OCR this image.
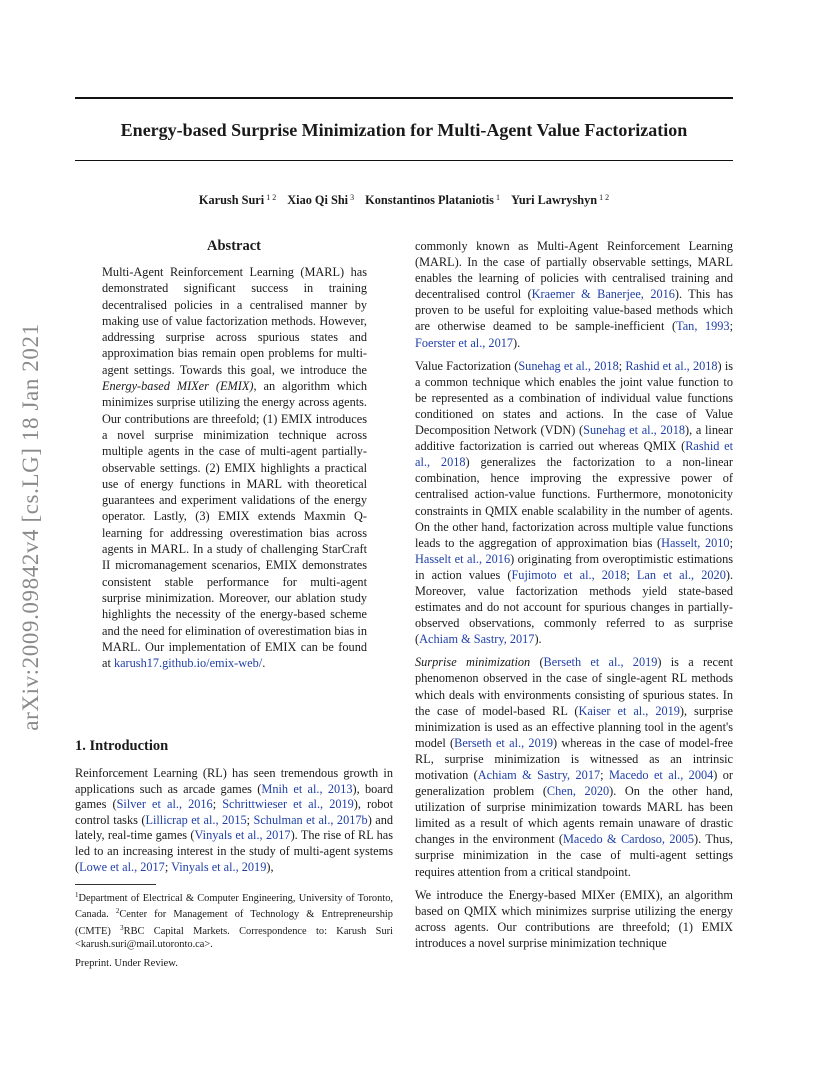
Energy-based Surprise Minimization for Multi-Agent Value Factorization
Karush Suri $^{1 2}$ Xiao Qi Shi $^3$ Konstantinos Plataniotis $^1$ Yuri Lawryshyn $^{1 2}$
arXiv:2009.09842v4 [cs.LG] 18 Jan 2021
Abstract
Multi-Agent Reinforcement Learning (MARL) has demonstrated significant success in training decentralised policies in a centralised manner by making use of value factorization methods. However, addressing surprise across spurious states and approximation bias remain open problems for multi-agent settings. Towards this goal, we introduce the Energy-based MIXer (EMIX), an algorithm which minimizes surprise utilizing the energy across agents. Our contributions are threefold; (1) EMIX introduces a novel surprise minimization technique across multiple agents in the case of multi-agent partially-observable settings. (2) EMIX highlights a practical use of energy functions in MARL with theoretical guarantees and experiment validations of the energy operator. Lastly, (3) EMIX extends Maxmin Q-learning for addressing overestimation bias across agents in MARL. In a study of challenging StarCraft II micromanagement scenarios, EMIX demonstrates consistent stable performance for multi-agent surprise minimization. Moreover, our ablation study highlights the necessity of the energy-based scheme and the need for elimination of overestimation bias in MARL. Our implementation of EMIX can be found at karush17.github.io/emix-web/.
1. Introduction
Reinforcement Learning (RL) has seen tremendous growth in applications such as arcade games (Mnih et al., 2013), board games (Silver et al., 2016; Schrittwieser et al., 2019), robot control tasks (Lillicrap et al., 2015; Schulman et al., 2017b) and lately, real-time games (Vinyals et al., 2017). The rise of RL has led to an increasing interest in the study of multi-agent systems (Lowe et al., 2017; Vinyals et al., 2019),
$^1$Department of Electrical & Computer Engineering, University of Toronto, Canada. $^2$Center for Management of Technology & Entrepreneurship (CMTE) $^3$RBC Capital Markets. Correspondence to: Karush Suri <karush.suri@mail.utoronto.ca>.
Preprint. Under Review.

commonly known as Multi-Agent Reinforcement Learning (MARL). In the case of partially observable settings, MARL enables the learning of policies with centralised training and decentralised control (Kraemer & Banerjee, 2016). This has proven to be useful for exploiting value-based methods which are otherwise deamed to be sample-inefficient (Tan, 1993; Foerster et al., 2017).

Value Factorization (Sunehag et al., 2018; Rashid et al., 2018) is a common technique which enables the joint value function to be represented as a combination of individual value functions conditioned on states and actions. In the case of Value Decomposition Network (VDN) (Sunehag et al., 2018), a linear additive factorization is carried out whereas QMIX (Rashid et al., 2018) generalizes the factorization to a non-linear combination, hence improving the expressive power of centralised action-value functions. Furthermore, monotonicity constraints in QMIX enable scalability in the number of agents. On the other hand, factorization across multiple value functions leads to the aggregation of approximation bias (Hasselt, 2010; Hasselt et al., 2016) originating from overoptimistic estimations in action values (Fujimoto et al., 2018; Lan et al., 2020). Moreover, value factorization methods yield state-based estimates and do not account for spurious changes in partially-observed observations, commonly referred to as surprise (Achiam & Sastry, 2017).

Surprise minimization (Berseth et al., 2019) is a recent phenomenon observed in the case of single-agent RL methods which deals with environments consisting of spurious states. In the case of model-based RL (Kaiser et al., 2019), surprise minimization is used as an effective planning tool in the agent's model (Berseth et al., 2019) whereas in the case of model-free RL, surprise minimization is witnessed as an intrinsic motivation (Achiam & Sastry, 2017; Macedo et al., 2004) or generalization problem (Chen, 2020). On the other hand, utilization of surprise minimization towards MARL has been limited as a result of which agents remain unaware of drastic changes in the environment (Macedo & Cardoso, 2005). Thus, surprise minimization in the case of multi-agent settings requires attention from a critical standpoint.

We introduce the Energy-based MIXer (EMIX), an algorithm based on QMIX which minimizes surprise utilizing the energy across agents. Our contributions are threefold; (1) EMIX introduces a novel surprise minimization technique
